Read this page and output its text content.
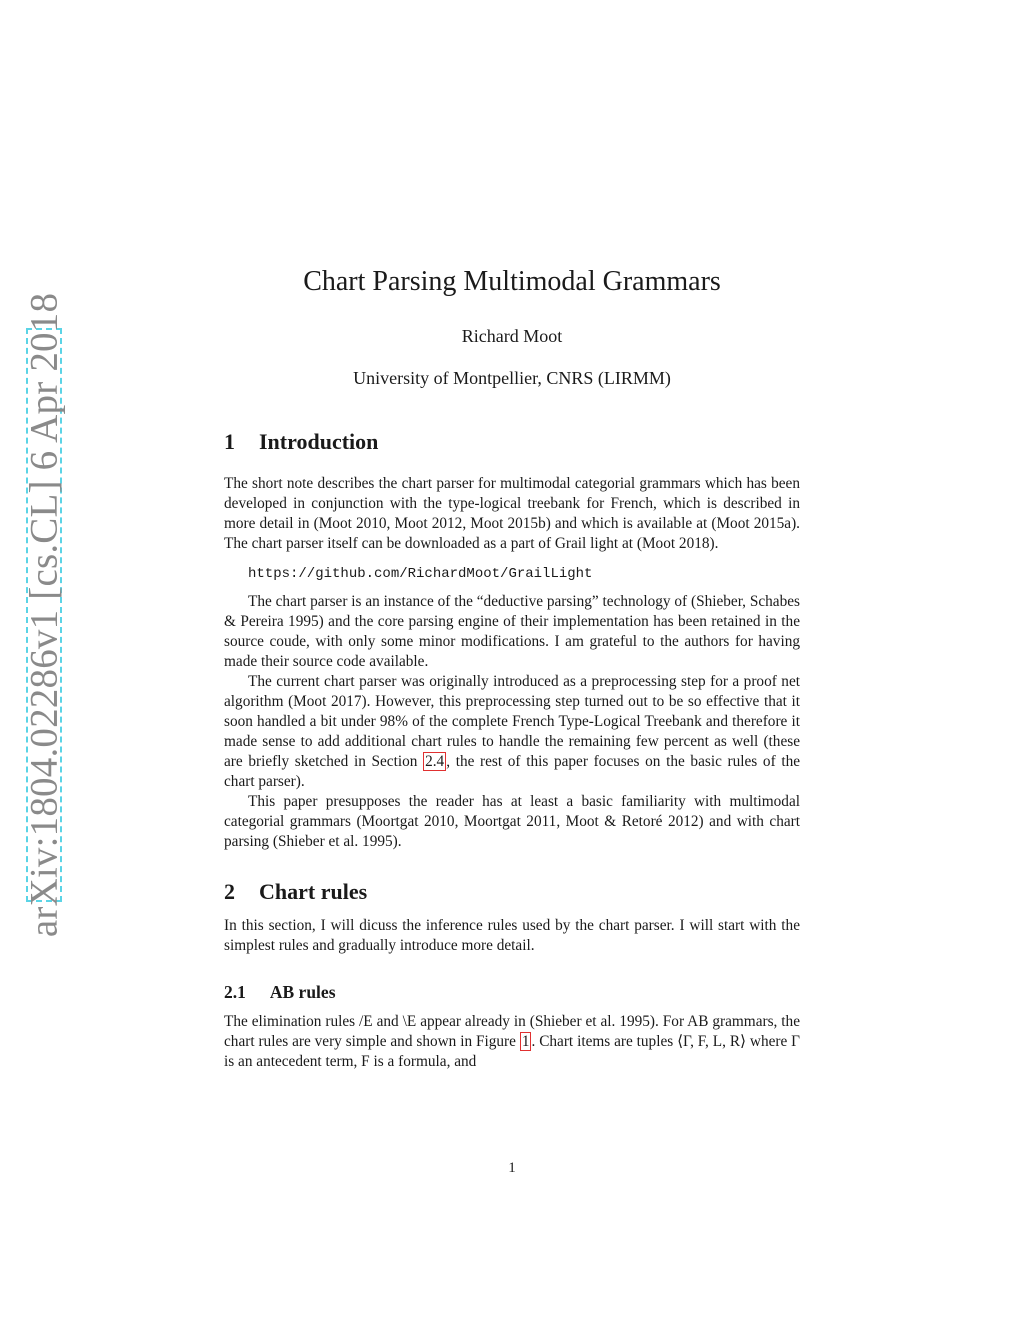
arXiv:1804.02286v1 [cs.CL] 6 Apr 2018
Chart Parsing Multimodal Grammars
Richard Moot
University of Montpellier, CNRS (LIRMM)
1 Introduction

The short note describes the chart parser for multimodal categorial grammars which has been developed in conjunction with the type-logical treebank for French, which is described in more detail in (Moot 2010, Moot 2012, Moot 2015b) and which is available at (Moot 2015a). The chart parser itself can be downloaded as a part of Grail light at (Moot 2018).

https://github.com/RichardMoot/GrailLight

The chart parser is an instance of the “deductive parsing” technology of (Shieber, Schabes & Pereira 1995) and the core parsing engine of their implementation has been retained in the source coude, with only some minor modifications. I am grateful to the authors for having made their source code available.

The current chart parser was originally introduced as a preprocessing step for a proof net algorithm (Moot 2017). However, this preprocessing step turned out to be so effective that it soon handled a bit under 98% of the complete French Type-Logical Treebank and therefore it made sense to add additional chart rules to handle the remaining few percent as well (these are briefly sketched in Section 2.4 , the rest of this paper focuses on the basic rules of the chart parser).

This paper presupposes the reader has at least a basic familiarity with multimodal categorial grammars (Moortgat 2010, Moortgat 2011, Moot & Retoré 2012) and with chart parsing (Shieber et al. 1995).

2 Chart rules

In this section, I will dicuss the inference rules used by the chart parser. I will start with the simplest rules and gradually introduce more detail.

2.1 AB rules

The elimination rules /E and \E appear already in (Shieber et al. 1995). For AB grammars, the chart rules are very simple and shown in Figure 1 . Chart items are tuples ⟨Γ, F, L, R⟩ where Γ is an antecedent term, F is a formula, and

1
